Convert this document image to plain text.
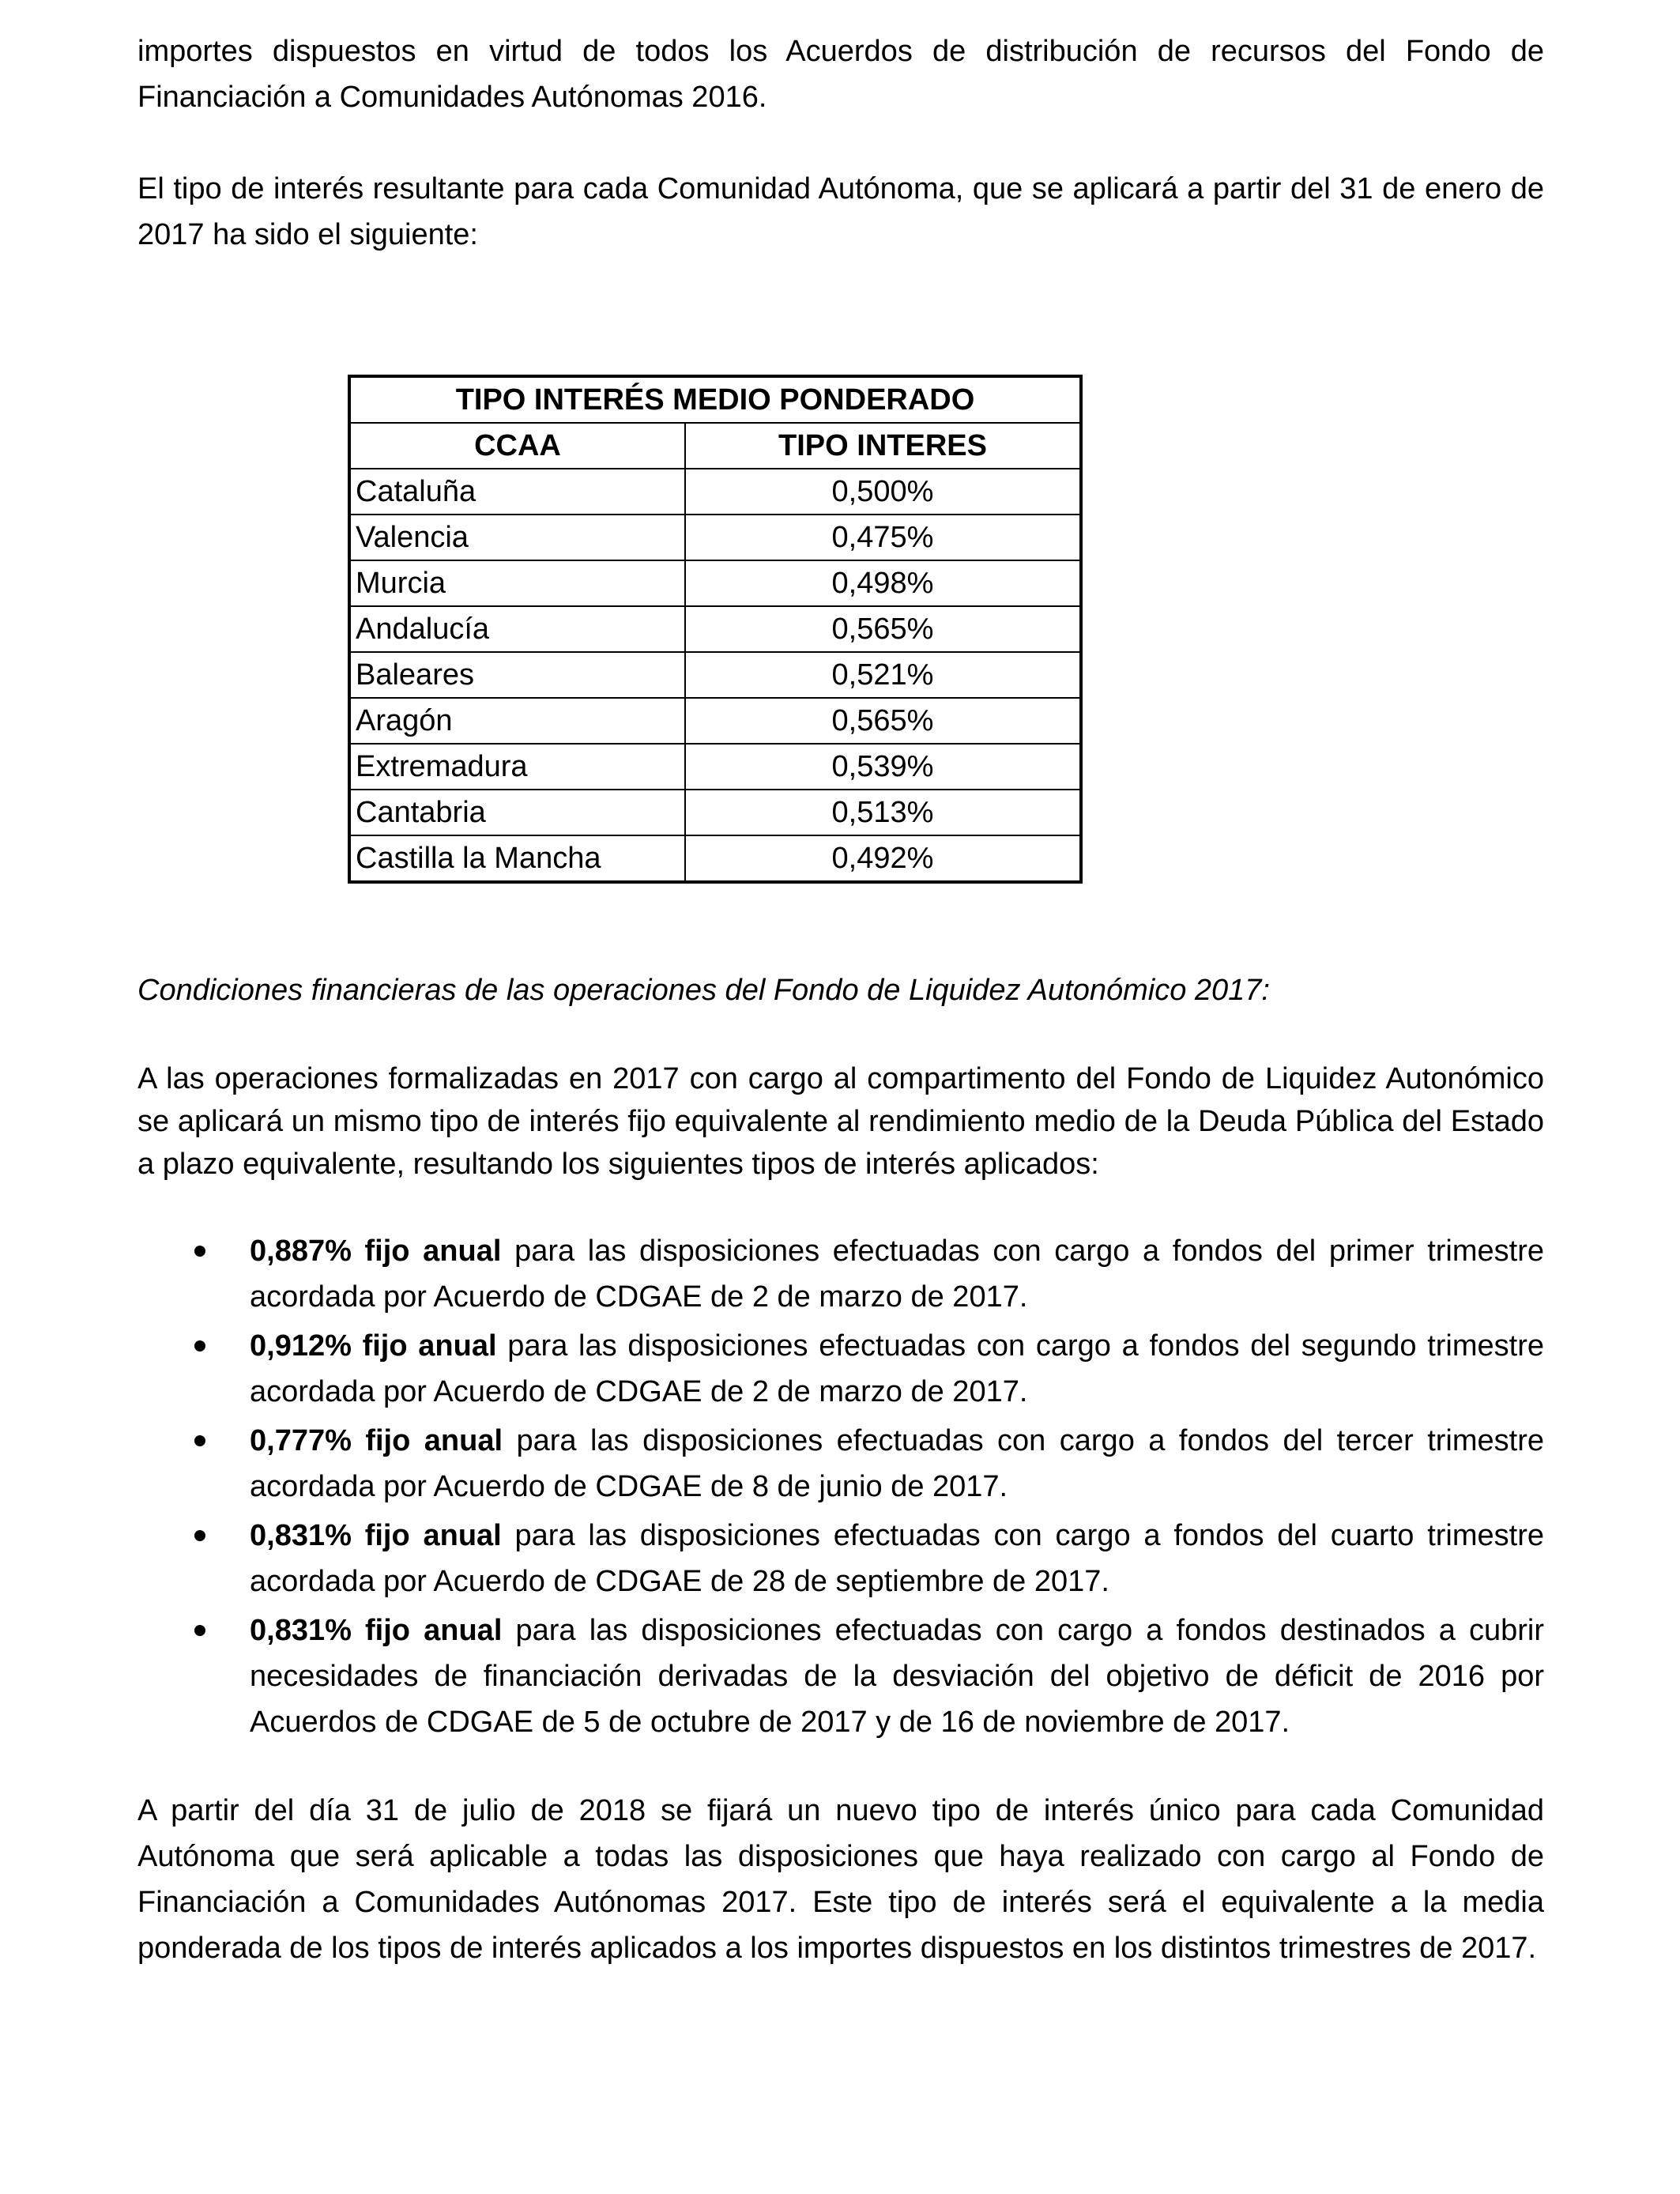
importes dispuestos en virtud de todos los Acuerdos de distribución de recursos del Fondo de Financiación a Comunidades Autónomas 2016.

El tipo de interés resultante para cada Comunidad Autónoma, que se aplicará a partir del 31 de enero de 2017 ha sido el siguiente:

TIPO INTERÉS MEDIO PONDERADO	
CCAA	TIPO INTERES
Cataluña	0,500%
Valencia	0,475%
Murcia	0,498%
Andalucía	0,565%
Baleares	0,521%
Aragón	0,565%
Extremadura	0,539%
Cantabria	0,513%
Castilla la Mancha	0,492%
Condiciones financieras de las operaciones del Fondo de Liquidez Autonómico 2017:

A las operaciones formalizadas en 2017 con cargo al compartimento del Fondo de Liquidez Autonómico se aplicará un mismo tipo de interés fijo equivalente al rendimiento medio de la Deuda Pública del Estado a plazo equivalente, resultando los siguientes tipos de interés aplicados:

0,887% fijo anual para las disposiciones efectuadas con cargo a fondos del primer trimestre acordada por Acuerdo de CDGAE de 2 de marzo de 2017.
0,912% fijo anual para las disposiciones efectuadas con cargo a fondos del segundo trimestre acordada por Acuerdo de CDGAE de 2 de marzo de 2017.
0,777% fijo anual para las disposiciones efectuadas con cargo a fondos del tercer trimestre acordada por Acuerdo de CDGAE de 8 de junio de 2017.
0,831% fijo anual para las disposiciones efectuadas con cargo a fondos del cuarto trimestre acordada por Acuerdo de CDGAE de 28 de septiembre de 2017.
0,831% fijo anual para las disposiciones efectuadas con cargo a fondos destinados a cubrir necesidades de financiación derivadas de la desviación del objetivo de déficit de 2016 por Acuerdos de CDGAE de 5 de octubre de 2017 y de 16 de noviembre de 2017.

A partir del día 31 de julio de 2018 se fijará un nuevo tipo de interés único para cada Comunidad Autónoma que será aplicable a todas las disposiciones que haya realizado con cargo al Fondo de Financiación a Comunidades Autónomas 2017. Este tipo de interés será el equivalente a la media ponderada de los tipos de interés aplicados a los importes dispuestos en los distintos trimestres de 2017.
